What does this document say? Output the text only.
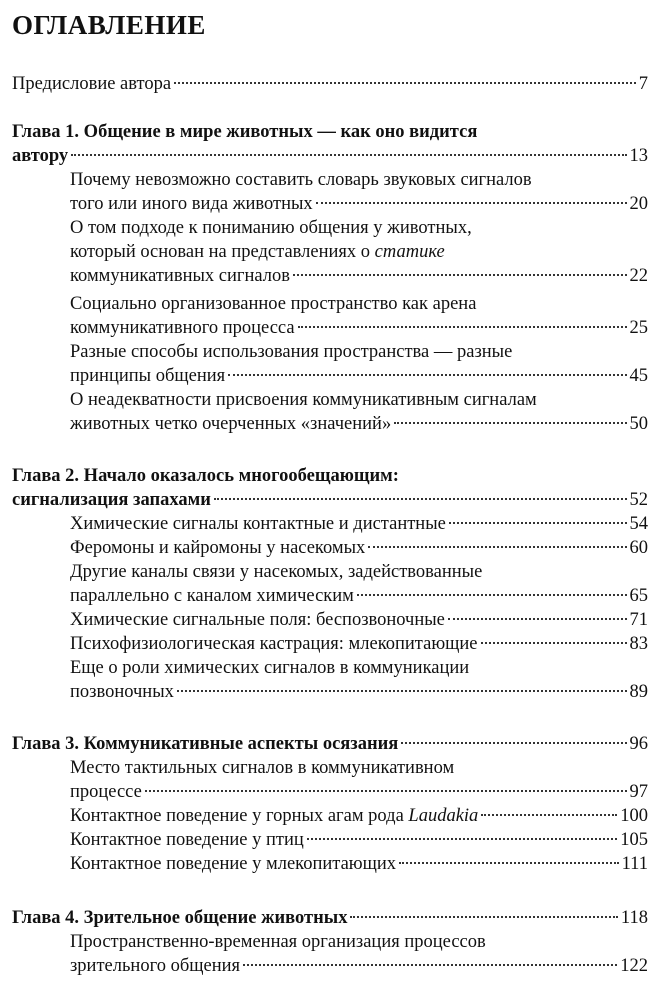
ОГЛАВЛЕНИЕ
Предисловие автора	7
Глава 1. Общение в мире животных — как оно видится
автору	13
Почему невозможно составить словарь звуковых сигналов
того или иного вида животных	20
О том подходе к пониманию общения у животных,
который основан на представлениях о статике
коммуникативных сигналов	22
Социально организованное пространство как арена
коммуникативного процесса	25
Разные способы использования пространства — разные
принципы общения	45
О неадекватности присвоения коммуникативным сигналам
животных четко очерченных «значений»	50
Глава 2. Начало оказалось многообещающим:
сигнализация запахами	52
Химические сигналы контактные и дистантные	54
Феромоны и кайромоны у насекомых	60
Другие каналы связи у насекомых, задействованные
параллельно с каналом химическим	65
Химические сигнальные поля: беспозвоночные	71
Психофизиологическая кастрация: млекопитающие	83
Еще о роли химических сигналов в коммуникации
позвоночных	89
Глава 3. Коммуникативные аспекты осязания	96
Место тактильных сигналов в коммуникативном
процессе	97
Контактное поведение у горных агам рода Laudakia	100
Контактное поведение у птиц	105
Контактное поведение у млекопитающих	111
Глава 4. Зрительное общение животных	118
Пространственно-временная организация процессов
зрительного общения	122
